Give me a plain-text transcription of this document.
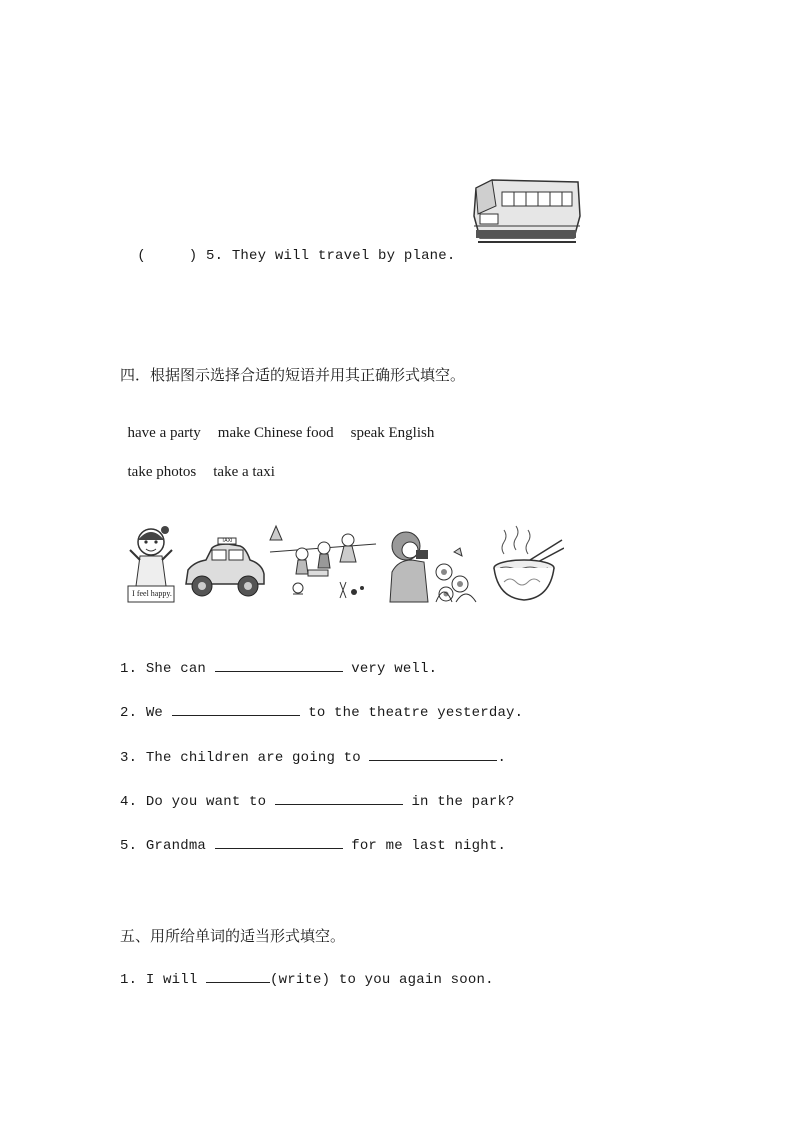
(     ) 5. They will travel by plane.

四．根据图示选择合适的短语并用其正确形式填空。

have a party make Chinese food speak English

take photos take a taxi

I feel happy.
TAXI
1. She can	very well.
2. We	to the theatre yesterday.
3. The children are going to	.
4. Do you want to	in the park?
5. Grandma	for me last night.
五、用所给单词的适当形式填空。
1. I will	(write) to you again soon.
